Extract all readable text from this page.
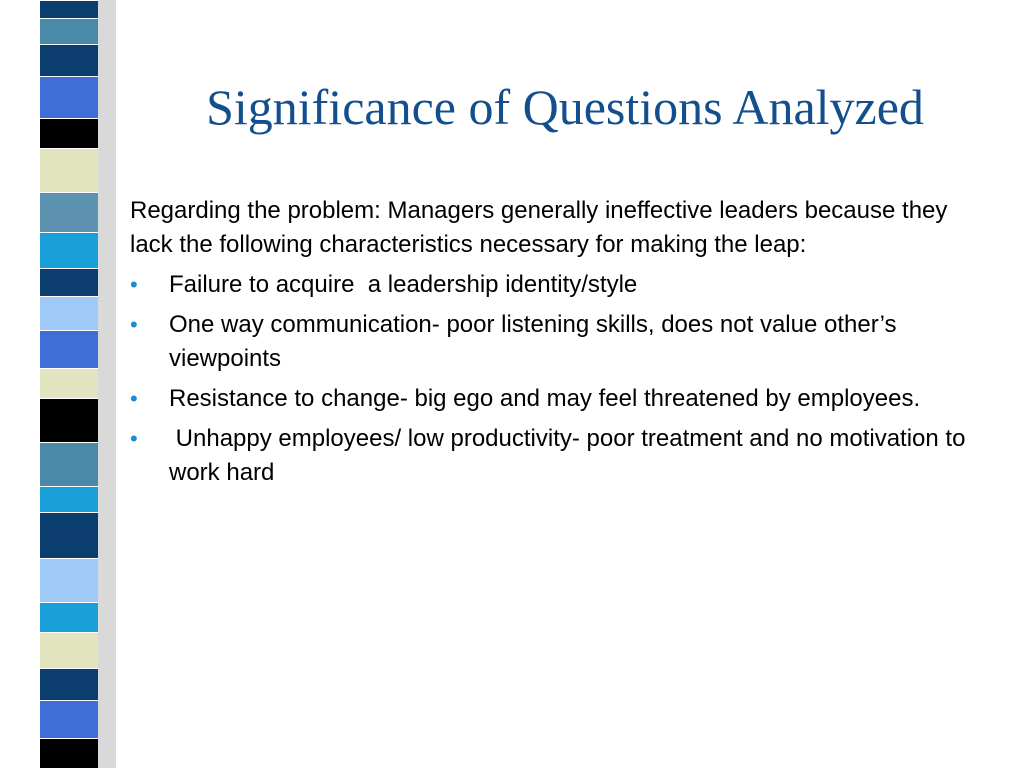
Significance of Questions Analyzed

Regarding the problem: Managers generally ineffective leaders because they lack the following characteristics necessary for making the leap:

• Failure to acquire  a leadership identity/style
• One way communication- poor listening skills, does not value other’s viewpoints
• Resistance to change- big ego and may feel threatened by employees.
• Unhappy employees/ low productivity- poor treatment and no motivation to work hard
